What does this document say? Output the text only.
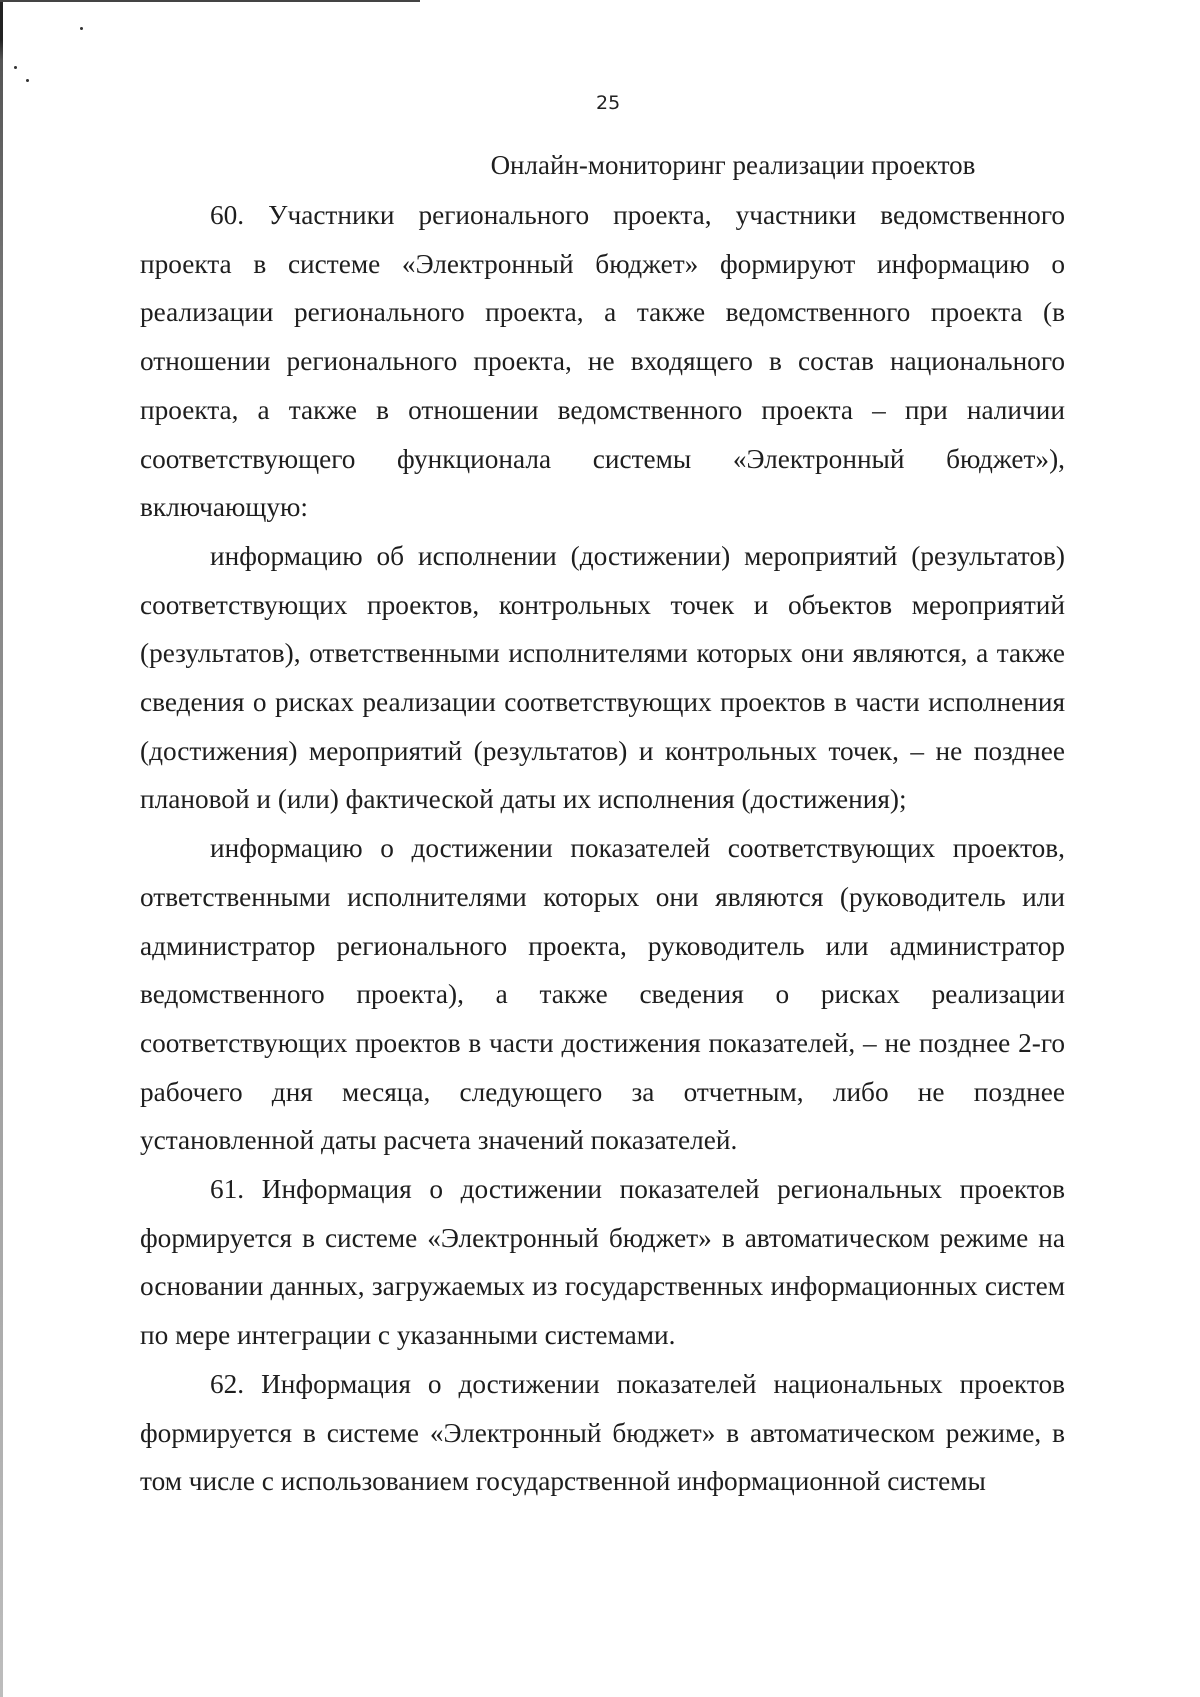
25
Онлайн-мониторинг реализации проектов

60. Участники регионального проекта, участники ведомственного проекта в системе «Электронный бюджет» формируют информацию о реализации регионального проекта, а также ведомственного проекта (в отношении регионального проекта, не входящего в состав национального проекта, а также в отношении ведомственного проекта – при наличии соответствующего функционала системы «Электронный бюджет»), включающую:

информацию об исполнении (достижении) мероприятий (результатов) соответствующих проектов, контрольных точек и объектов мероприятий (результатов), ответственными исполнителями которых они являются, а также сведения о рисках реализации соответствующих проектов в части исполнения (достижения) мероприятий (результатов) и контрольных точек, – не позднее плановой и (или) фактической даты их исполнения (достижения);

информацию о достижении показателей соответствующих проектов, ответственными исполнителями которых они являются (руководитель или администратор регионального проекта, руководитель или администратор ведомственного проекта), а также сведения о рисках реализации соответствующих проектов в части достижения показателей, – не позднее 2-го рабочего дня месяца, следующего за отчетным, либо не позднее установленной даты расчета значений показателей.

61. Информация о достижении показателей региональных проектов формируется в системе «Электронный бюджет» в автоматическом режиме на основании данных, загружаемых из государственных информационных систем по мере интеграции с указанными системами.

62. Информация о достижении показателей национальных проектов формируется в системе «Электронный бюджет» в автоматическом режиме, в том числе с использованием государственной информационной системы
